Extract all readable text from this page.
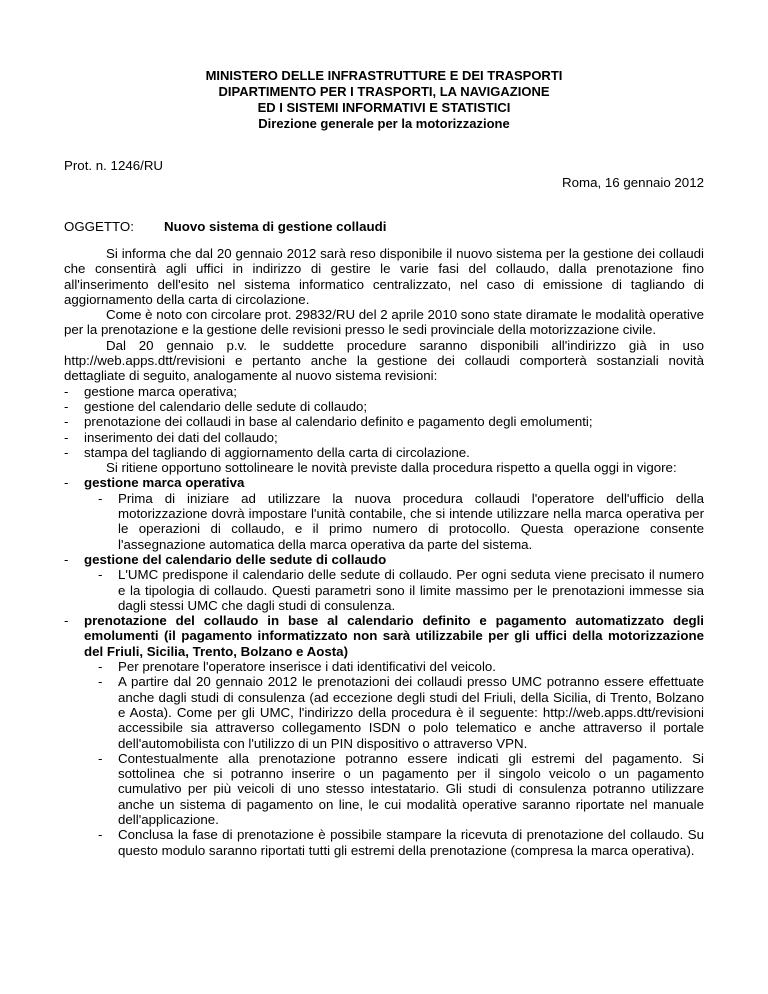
MINISTERO DELLE INFRASTRUTTURE E DEI TRASPORTI
DIPARTIMENTO PER I TRASPORTI, LA NAVIGAZIONE
ED I SISTEMI INFORMATIVI E STATISTICI
Direzione generale per la motorizzazione
Prot. n. 1246/RU
Roma, 16 gennaio 2012
OGGETTO: Nuovo sistema di gestione collaudi

Si informa che dal 20 gennaio 2012 sarà reso disponibile il nuovo sistema per la gestione dei collaudi che consentirà agli uffici in indirizzo di gestire le varie fasi del collaudo, dalla prenotazione fino all'inserimento dell'esito nel sistema informatico centralizzato, nel caso di emissione di tagliando di aggiornamento della carta di circolazione.

Come è noto con circolare prot. 29832/RU del 2 aprile 2010 sono state diramate le modalità operative per la prenotazione e la gestione delle revisioni presso le sedi provinciale della motorizzazione civile.

Dal 20 gennaio p.v. le suddette procedure saranno disponibili all'indirizzo già in uso http://web.apps.dtt/revisioni e pertanto anche la gestione dei collaudi comporterà sostanziali novità dettagliate di seguito, analogamente al nuovo sistema revisioni:

-	gestione marca operativa;
-	gestione del calendario delle sedute di collaudo;
-	prenotazione dei collaudi in base al calendario definito e pagamento degli emolumenti;
-	inserimento dei dati del collaudo;
-	stampa del tagliando di aggiornamento della carta di circolazione.

Si ritiene opportuno sottolineare le novità previste dalla procedura rispetto a quella oggi in vigore:

-	gestione marca operativa
-	Prima di iniziare ad utilizzare la nuova procedura collaudi l'operatore dell'ufficio della motorizzazione dovrà impostare l'unità contabile, che si intende utilizzare nella marca operativa per le operazioni di collaudo, e il primo numero di protocollo. Questa operazione consente l'assegnazione automatica della marca operativa da parte del sistema.
-	gestione del calendario delle sedute di collaudo
-	L'UMC predispone il calendario delle sedute di collaudo. Per ogni seduta viene precisato il numero e la tipologia di collaudo. Questi parametri sono il limite massimo per le prenotazioni immesse sia dagli stessi UMC che dagli studi di consulenza.
-	prenotazione del collaudo in base al calendario definito e pagamento automatizzato degli emolumenti (il pagamento informatizzato non sarà utilizzabile per gli uffici della motorizzazione del Friuli, Sicilia, Trento, Bolzano e Aosta)
-	Per prenotare l'operatore inserisce i dati identificativi del veicolo.
-	A partire dal 20 gennaio 2012 le prenotazioni dei collaudi presso UMC potranno essere effettuate anche dagli studi di consulenza (ad eccezione degli studi del Friuli, della Sicilia, di Trento, Bolzano e Aosta). Come per gli UMC, l'indirizzo della procedura è il seguente: http://web.apps.dtt/revisioni accessibile sia attraverso collegamento ISDN o polo telematico e anche attraverso il portale dell'automobilista con l'utilizzo di un PIN dispositivo o attraverso VPN.
-	Contestualmente alla prenotazione potranno essere indicati gli estremi del pagamento. Si sottolinea che si potranno inserire o un pagamento per il singolo veicolo o un pagamento cumulativo per più veicoli di uno stesso intestatario. Gli studi di consulenza potranno utilizzare anche un sistema di pagamento on line, le cui modalità operative saranno riportate nel manuale dell'applicazione.
-	Conclusa la fase di prenotazione è possibile stampare la ricevuta di prenotazione del collaudo. Su questo modulo saranno riportati tutti gli estremi della prenotazione (compresa la marca operativa).
